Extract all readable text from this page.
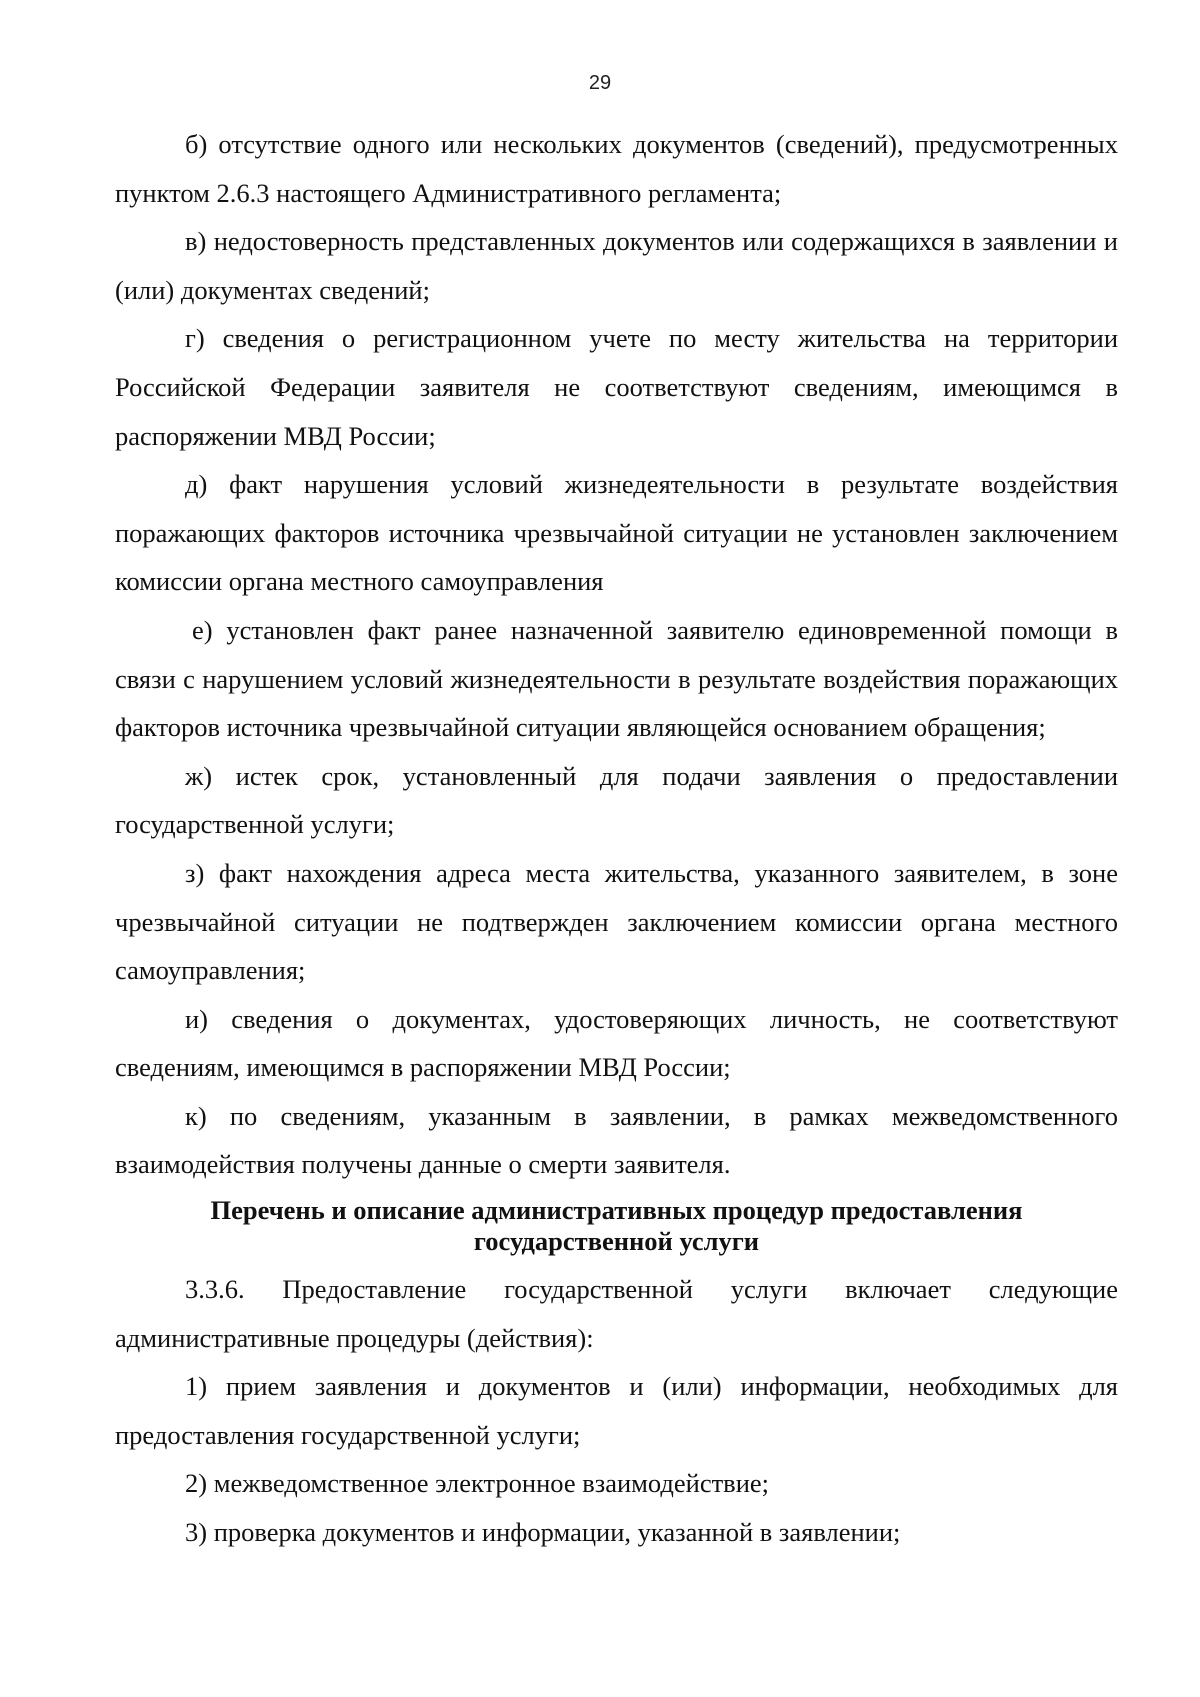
29

б) отсутствие одного или нескольких документов (сведений), предусмотренных пунктом 2.6.3 настоящего Административного регламента;

в) недостоверность представленных документов или содержащихся в заявлении и (или) документах сведений;

г) сведения о регистрационном учете по месту жительства на территории Российской Федерации заявителя не соответствуют сведениям, имеющимся в распоряжении МВД России;

д) факт нарушения условий жизнедеятельности в результате воздействия поражающих факторов источника чрезвычайной ситуации не установлен заключением комиссии органа местного самоуправления

е) установлен факт ранее назначенной заявителю единовременной помощи в связи с нарушением условий жизнедеятельности в результате воздействия поражающих факторов источника чрезвычайной ситуации являющейся основанием обращения;

ж) истек срок, установленный для подачи заявления о предоставлении государственной услуги;

з) факт нахождения адреса места жительства, указанного заявителем, в зоне чрезвычайной ситуации не подтвержден заключением комиссии органа местного самоуправления;

и) сведения о документах, удостоверяющих личность, не соответствуют сведениям, имеющимся в распоряжении МВД России;

к) по сведениям, указанным в заявлении, в рамках межведомственного взаимодействия получены данные о смерти заявителя.

Перечень и описание административных процедур предоставления
государственной услуги

3.3.6. Предоставление государственной услуги включает следующие административные процедуры (действия):

1) прием заявления и документов и (или) информации, необходимых для предоставления государственной услуги;

2) межведомственное электронное взаимодействие;

3) проверка документов и информации, указанной в заявлении;
